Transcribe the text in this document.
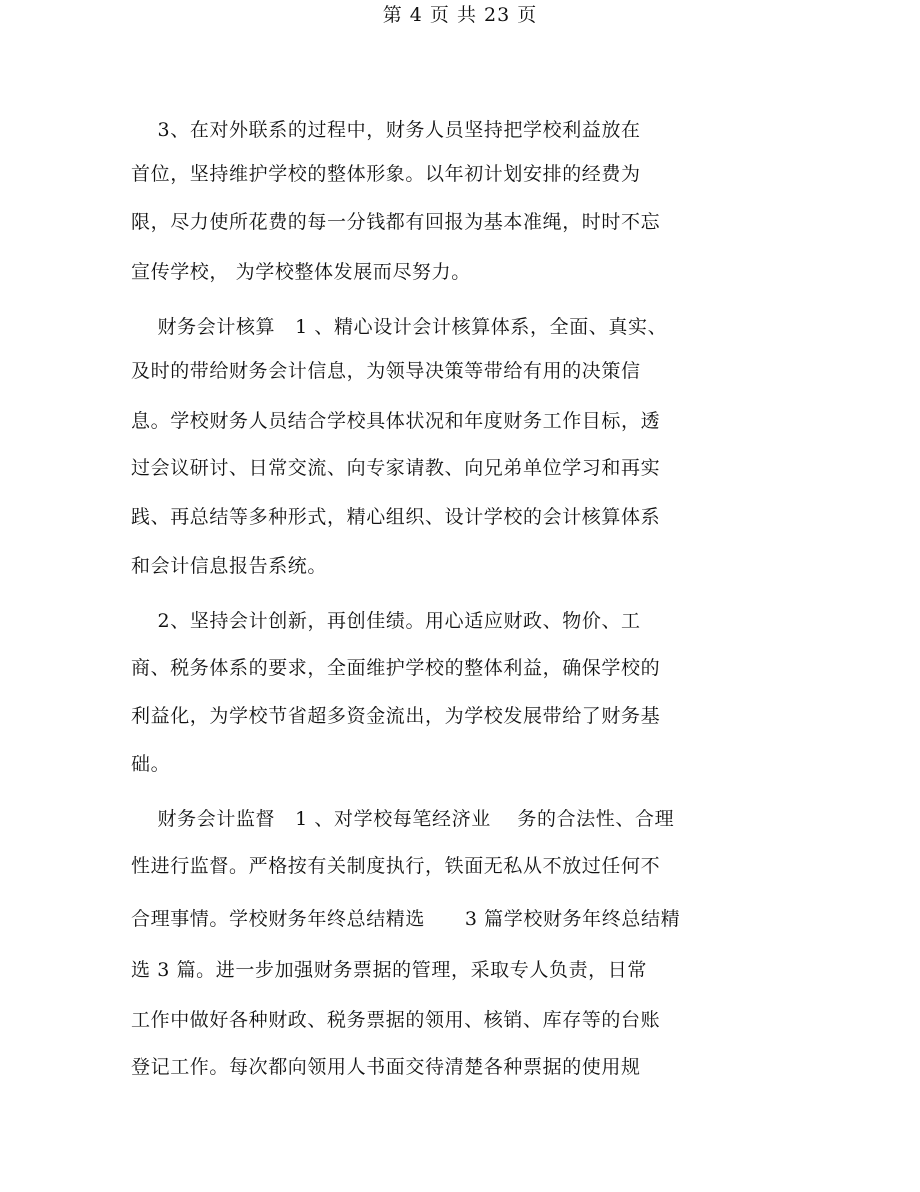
第 4 页 共 23 页
3、在对外联系的过程中，财务人员坚持把学校利益放在
首位，坚持维护学校的整体形象。以年初计划安排的经费为
限，尽力使所花费的每一分钱都有回报为基本准绳，时时不忘
宣传学校， 为学校整体发展而尽努力。
财务会计核算   1 、精心设计会计核算体系，全面、真实、
及时的带给财务会计信息，为领导决策等带给有用的决策信
息。学校财务人员结合学校具体状况和年度财务工作目标，透
过会议研讨、日常交流、向专家请教、向兄弟单位学习和再实
践、再总结等多种形式，精心组织、设计学校的会计核算体系
和会计信息报告系统。
2、坚持会计创新，再创佳绩。用心适应财政、物价、工
商、税务体系的要求，全面维护学校的整体利益，确保学校的
利益化，为学校节省超多资金流出，为学校发展带给了财务基
础。
财务会计监督   1 、对学校每笔经济业    务的合法性、合理
性进行监督。严格按有关制度执行，铁面无私从不放过任何不
合理事情。学校财务年终总结精选      3 篇学校财务年终总结精
选 3 篇。进一步加强财务票据的管理，采取专人负责，日常
工作中做好各种财政、税务票据的领用、核销、库存等的台账
登记工作。每次都向领用人书面交待清楚各种票据的使用规
